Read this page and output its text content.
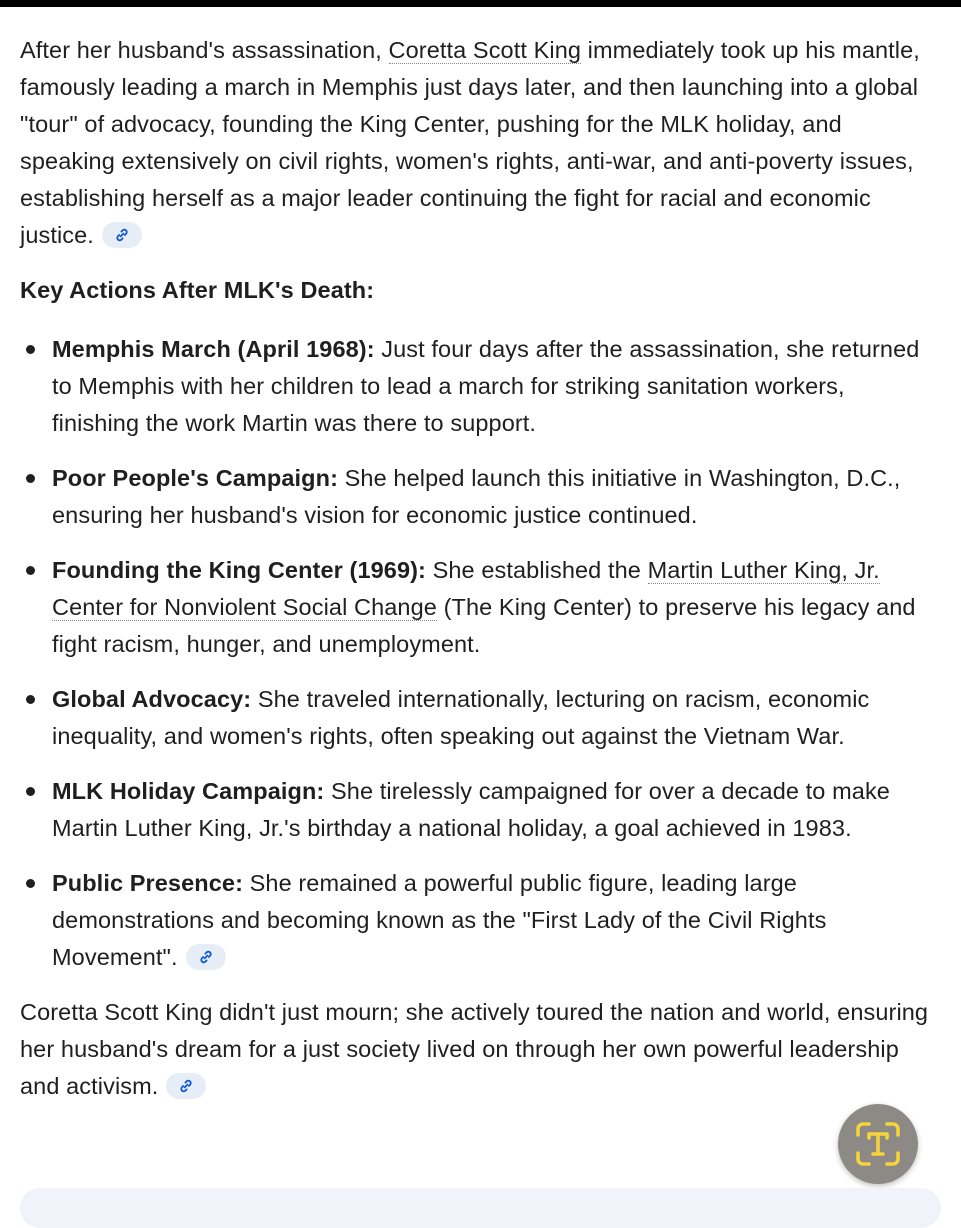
After her husband's assassination, Coretta Scott King immediately took up his mantle, famously leading a march in Memphis just days later, and then launching into a global "tour" of advocacy, founding the King Center, pushing for the MLK holiday, and speaking extensively on civil rights, women's rights, anti-war, and anti-poverty issues, establishing herself as a major leader continuing the fight for racial and economic justice.

Key Actions After MLK's Death:

Memphis March (April 1968): Just four days after the assassination, she returned to Memphis with her children to lead a march for striking sanitation workers, finishing the work Martin was there to support.
Poor People's Campaign: She helped launch this initiative in Washington, D.C., ensuring her husband's vision for economic justice continued.
Founding the King Center (1969): She established the Martin Luther King, Jr. Center for Nonviolent Social Change (The King Center) to preserve his legacy and fight racism, hunger, and unemployment.
Global Advocacy: She traveled internationally, lecturing on racism, economic inequality, and women's rights, often speaking out against the Vietnam War.
MLK Holiday Campaign: She tirelessly campaigned for over a decade to make Martin Luther King, Jr.'s birthday a national holiday, a goal achieved in 1983.
Public Presence: She remained a powerful public figure, leading large demonstrations and becoming known as the "First Lady of the Civil Rights Movement".

Coretta Scott King didn't just mourn; she actively toured the nation and world, ensuring her husband's dream for a just society lived on through her own powerful leadership and activism.
